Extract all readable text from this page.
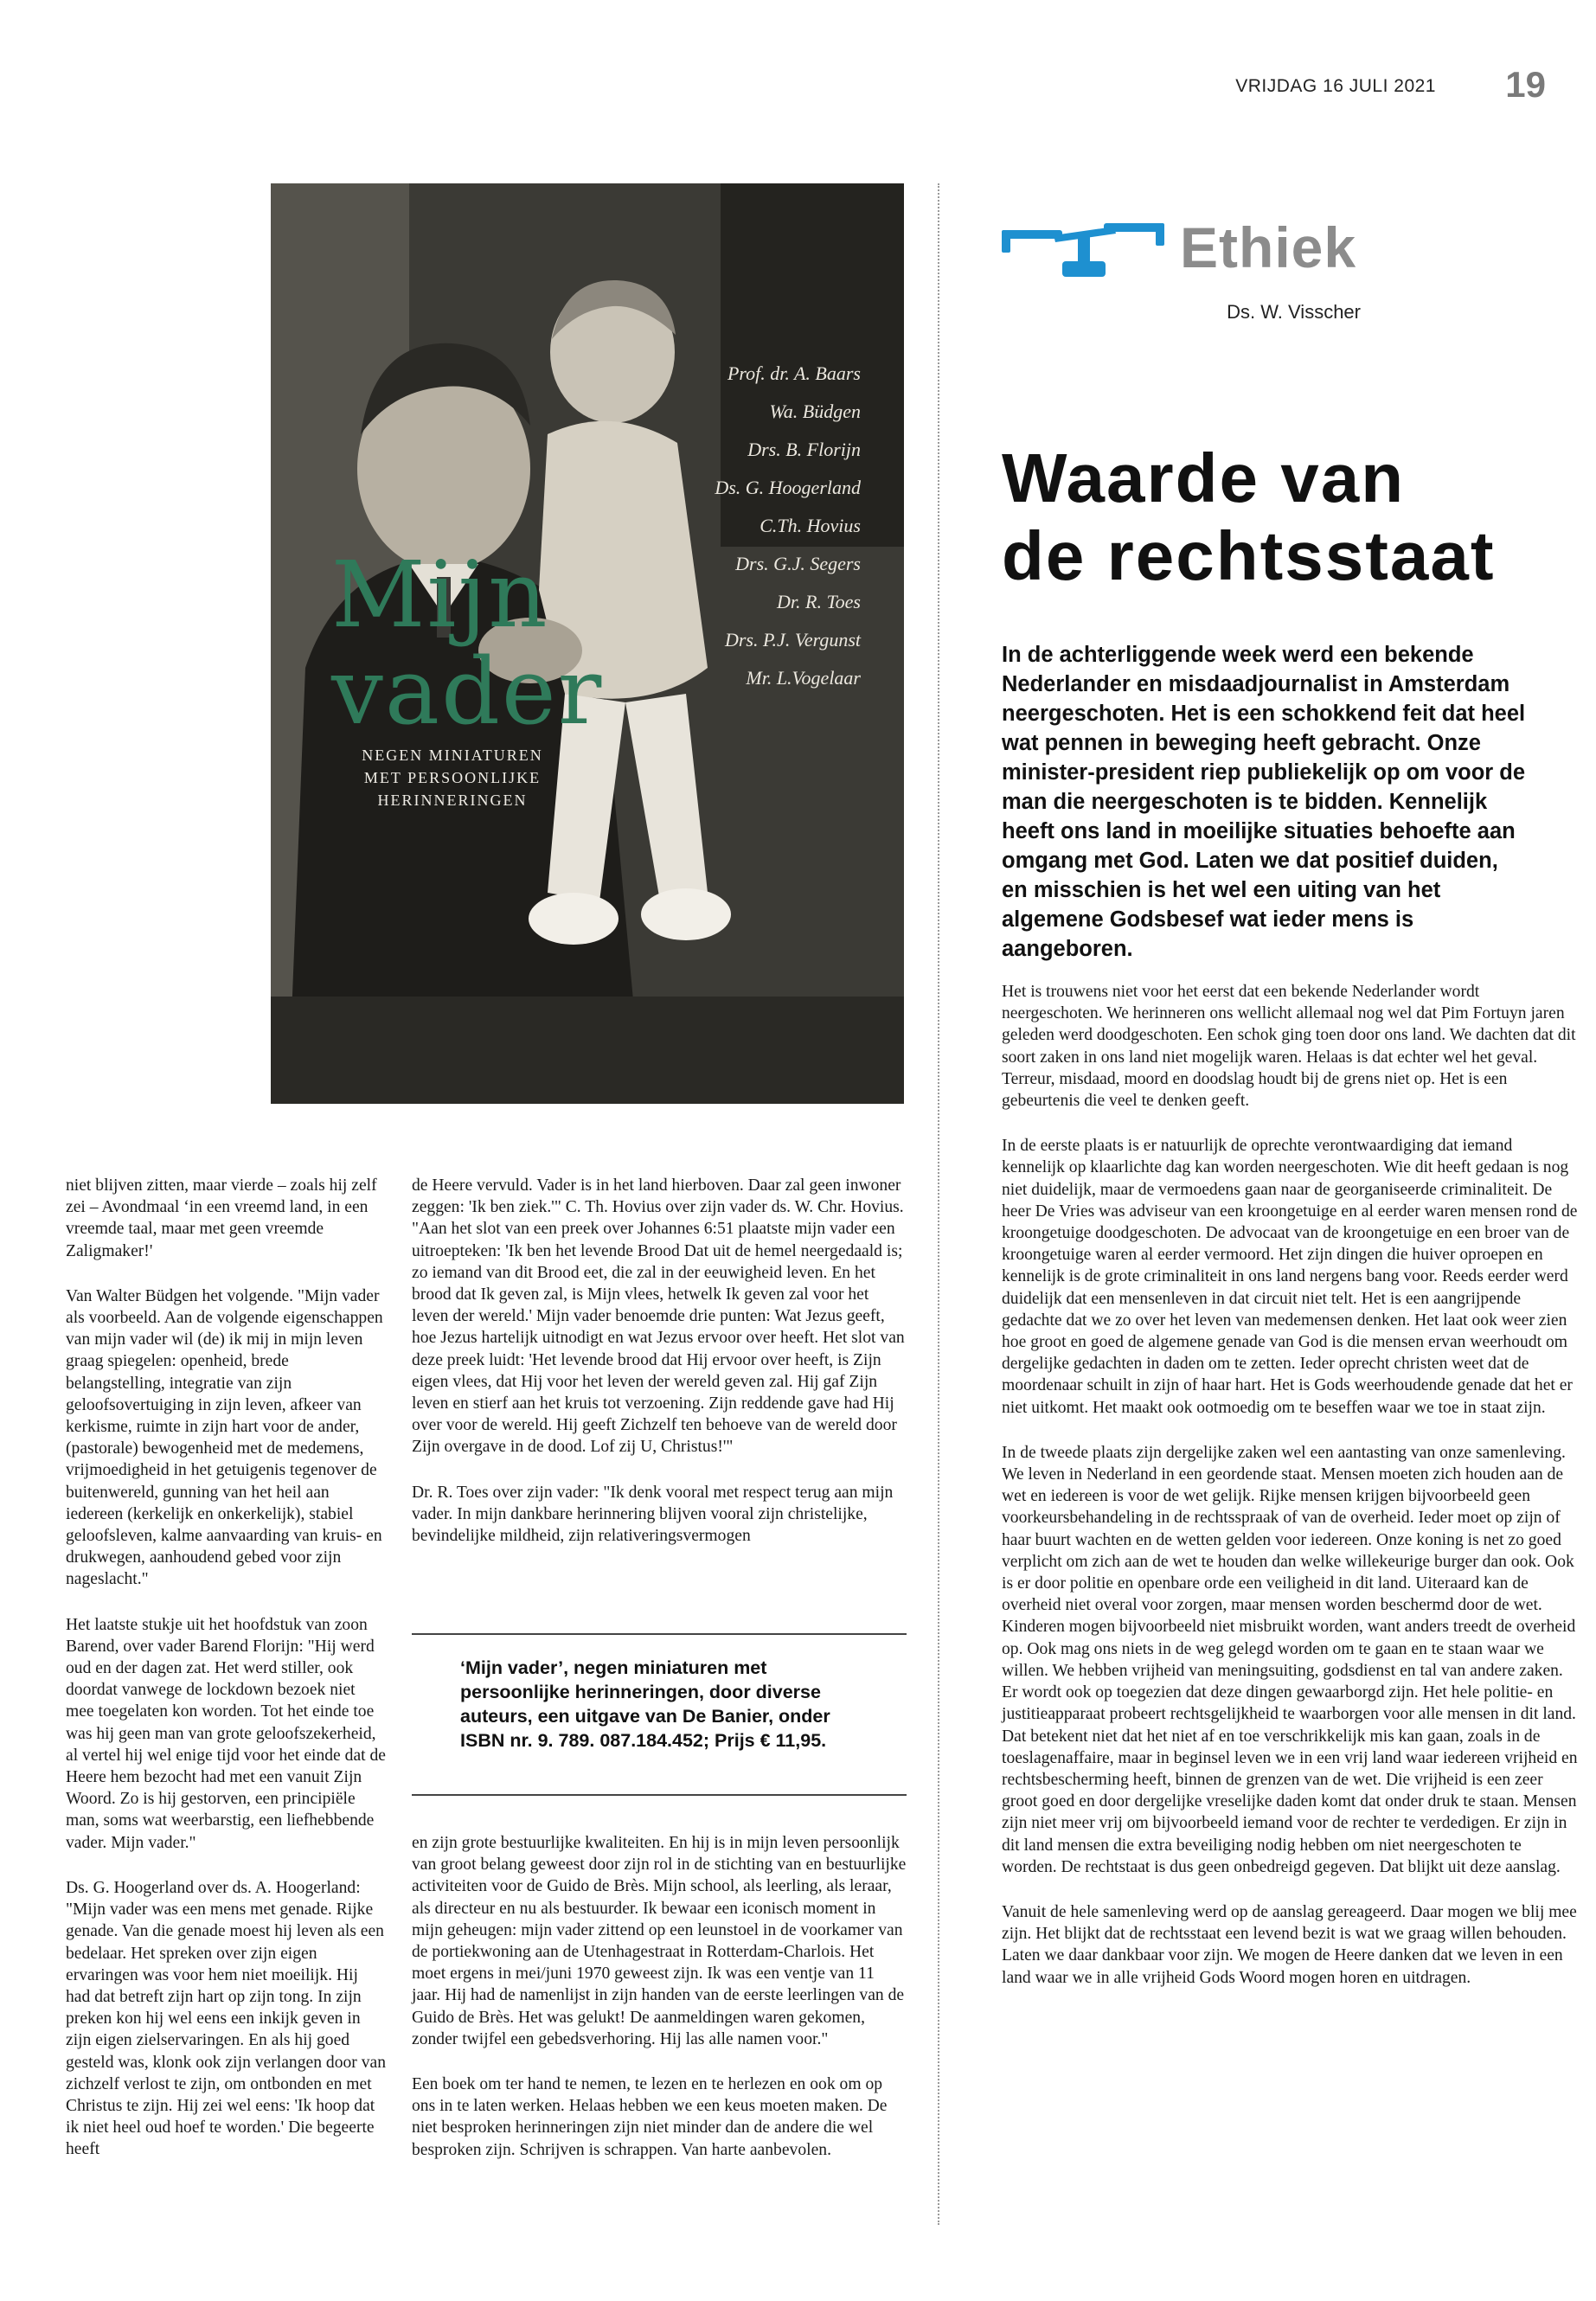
VRIJDAG 16 JULI 2021 19
Mijn
vader
NEGEN MINIATUREN
MET PERSOONLIJKE
HERINNERINGEN
Prof. dr. A. Baars
Wa. Büdgen
Drs. B. Florijn
Ds. G. Hoogerland
C.Th. Hovius
Drs. G.J. Segers
Dr. R. Toes
Drs. P.J. Vergunst
Mr. L.Vogelaar
Ethiek
Ds. W. Visscher
Waarde van
de rechtsstaat
In de achterliggende week werd een bekende Nederlander en misdaadjournalist in Amsterdam neergeschoten. Het is een schokkend feit dat heel wat pennen in beweging heeft gebracht. Onze minister-president riep publiekelijk op om voor de man die neergeschoten is te bidden. Kennelijk heeft ons land in moeilijke situaties behoefte aan omgang met God. Laten we dat positief duiden, en misschien is het wel een uiting van het algemene Godsbesef wat ieder mens is aangeboren.

Het is trouwens niet voor het eerst dat een bekende Nederlander wordt neergeschoten. We herinneren ons wellicht allemaal nog wel dat Pim Fortuyn jaren geleden werd doodgeschoten. Een schok ging toen door ons land. We dachten dat dit soort zaken in ons land niet mogelijk waren. Helaas is dat echter wel het geval. Terreur, misdaad, moord en doodslag houdt bij de grens niet op. Het is een gebeurtenis die veel te denken geeft.

In de eerste plaats is er natuurlijk de oprechte verontwaardiging dat iemand kennelijk op klaarlichte dag kan worden neergeschoten. Wie dit heeft gedaan is nog niet duidelijk, maar de vermoedens gaan naar de georganiseerde criminaliteit. De heer De Vries was adviseur van een kroongetuige en al eerder waren mensen rond de kroongetuige doodgeschoten. De advocaat van de kroongetuige en een broer van de kroongetuige waren al eerder vermoord. Het zijn dingen die huiver oproepen en kennelijk is de grote criminaliteit in ons land nergens bang voor. Reeds eerder werd duidelijk dat een mensenleven in dat circuit niet telt. Het is een aangrijpende gedachte dat we zo over het leven van medemensen denken. Het laat ook weer zien hoe groot en goed de algemene genade van God is die mensen ervan weerhoudt om dergelijke gedachten in daden om te zetten. Ieder oprecht christen weet dat de moordenaar schuilt in zijn of haar hart. Het is Gods weerhoudende genade dat het er niet uitkomt. Het maakt ook ootmoedig om te beseffen waar we toe in staat zijn.

In de tweede plaats zijn dergelijke zaken wel een aantasting van onze samenleving. We leven in Nederland in een geordende staat. Mensen moeten zich houden aan de wet en iedereen is voor de wet gelijk. Rijke mensen krijgen bijvoorbeeld geen voorkeursbehandeling in de rechtsspraak of van de overheid. Ieder moet op zijn of haar buurt wachten en de wetten gelden voor iedereen. Onze koning is net zo goed verplicht om zich aan de wet te houden dan welke willekeurige burger dan ook. Ook is er door politie en openbare orde een veiligheid in dit land. Uiteraard kan de overheid niet overal voor zorgen, maar mensen worden beschermd door de wet. Kinderen mogen bijvoorbeeld niet misbruikt worden, want anders treedt de overheid op. Ook mag ons niets in de weg gelegd worden om te gaan en te staan waar we willen. We hebben vrijheid van meningsuiting, godsdienst en tal van andere zaken. Er wordt ook op toegezien dat deze dingen gewaarborgd zijn. Het hele politie- en justitieapparaat probeert rechtsgelijkheid te waarborgen voor alle mensen in dit land. Dat betekent niet dat het niet af en toe verschrikkelijk mis kan gaan, zoals in de toeslagenaffaire, maar in beginsel leven we in een vrij land waar iedereen vrijheid en rechtsbescherming heeft, binnen de grenzen van de wet. Die vrijheid is een zeer groot goed en door dergelijke vreselijke daden komt dat onder druk te staan. Mensen zijn niet meer vrij om bijvoorbeeld iemand voor de rechter te verdedigen. Er zijn in dit land mensen die extra beveiliging nodig hebben om niet neergeschoten te worden. De rechtstaat is dus geen onbedreigd gegeven. Dat blijkt uit deze aanslag.

Vanuit de hele samenleving werd op de aanslag gereageerd. Daar mogen we blij mee zijn. Het blijkt dat de rechtsstaat een levend bezit is wat we graag willen behouden. Laten we daar dankbaar voor zijn. We mogen de Heere danken dat we leven in een land waar we in alle vrijheid Gods Woord mogen horen en uitdragen.

niet blijven zitten, maar vierde – zoals hij zelf zei – Avondmaal ‘in een vreemd land, in een vreemde taal, maar met geen vreemde Zaligmaker!'

Van Walter Büdgen het volgende. "Mijn vader als voorbeeld. Aan de volgende eigenschappen van mijn vader wil (de) ik mij in mijn leven graag spiegelen: openheid, brede belangstelling, integratie van zijn geloofsovertuiging in zijn leven, afkeer van kerkisme, ruimte in zijn hart voor de ander, (pastorale) bewogenheid met de medemens, vrijmoedigheid in het getuigenis tegenover de buitenwereld, gunning van het heil aan iedereen (kerkelijk en onkerkelijk), stabiel geloofsleven, kalme aanvaarding van kruis- en drukwegen, aanhoudend gebed voor zijn nageslacht."

Het laatste stukje uit het hoofdstuk van zoon Barend, over vader Barend Florijn: "Hij werd oud en der dagen zat. Het werd stiller, ook doordat vanwege de lockdown bezoek niet mee toegelaten kon worden. Tot het einde toe was hij geen man van grote geloofszekerheid, al vertel hij wel enige tijd voor het einde dat de Heere hem bezocht had met een vanuit Zijn Woord. Zo is hij gestorven, een principiële man, soms wat weerbarstig, een liefhebbende vader. Mijn vader."

Ds. G. Hoogerland over ds. A. Hoogerland: "Mijn vader was een mens met genade. Rijke genade. Van die genade moest hij leven als een bedelaar. Het spreken over zijn eigen ervaringen was voor hem niet moeilijk. Hij had dat betreft zijn hart op zijn tong. In zijn preken kon hij wel eens een inkijk geven in zijn eigen zielservaringen. En als hij goed gesteld was, klonk ook zijn verlangen door van zichzelf verlost te zijn, om ontbonden en met Christus te zijn. Hij zei wel eens: 'Ik hoop dat ik niet heel oud hoef te worden.' Die begeerte heeft

de Heere vervuld. Vader is in het land hierboven. Daar zal geen inwoner zeggen: 'Ik ben ziek.'" C. Th. Hovius over zijn vader ds. W. Chr. Hovius. "Aan het slot van een preek over Johannes 6:51 plaatste mijn vader een uitroepteken: 'Ik ben het levende Brood Dat uit de hemel neergedaald is; zo iemand van dit Brood eet, die zal in der eeuwigheid leven. En het brood dat Ik geven zal, is Mijn vlees, hetwelk Ik geven zal voor het leven der wereld.' Mijn vader benoemde drie punten: Wat Jezus geeft, hoe Jezus hartelijk uitnodigt en wat Jezus ervoor over heeft. Het slot van deze preek luidt: 'Het levende brood dat Hij ervoor over heeft, is Zijn eigen vlees, dat Hij voor het leven der wereld geven zal. Hij gaf Zijn leven en stierf aan het kruis tot verzoening. Zijn reddende gave had Hij over voor de wereld. Hij geeft Zichzelf ten behoeve van de wereld door Zijn overgave in de dood. Lof zij U, Christus!'"

Dr. R. Toes over zijn vader: "Ik denk vooral met respect terug aan mijn vader. In mijn dankbare herinnering blijven vooral zijn christelijke, bevindelijke mildheid, zijn relativeringsvermogen

‘Mijn vader’, negen miniaturen met persoonlijke herinneringen, door diverse auteurs, een uitgave van De Banier, onder ISBN nr. 9. 789. 087.184.452; Prijs € 11,95.

en zijn grote bestuurlijke kwaliteiten. En hij is in mijn leven persoonlijk van groot belang geweest door zijn rol in de stichting van en bestuurlijke activiteiten voor de Guido de Brès. Mijn school, als leerling, als leraar, als directeur en nu als bestuurder. Ik bewaar een iconisch moment in mijn geheugen: mijn vader zittend op een leunstoel in de voorkamer van de portiekwoning aan de Utenhagestraat in Rotterdam-Charlois. Het moet ergens in mei/juni 1970 geweest zijn. Ik was een ventje van 11 jaar. Hij had de namenlijst in zijn handen van de eerste leerlingen van de Guido de Brès. Het was gelukt! De aanmeldingen waren gekomen, zonder twijfel een gebedsverhoring. Hij las alle namen voor."

Een boek om ter hand te nemen, te lezen en te herlezen en ook om op ons in te laten werken. Helaas hebben we een keus moeten maken. De niet besproken herinneringen zijn niet minder dan de andere die wel besproken zijn. Schrijven is schrappen. Van harte aanbevolen.
